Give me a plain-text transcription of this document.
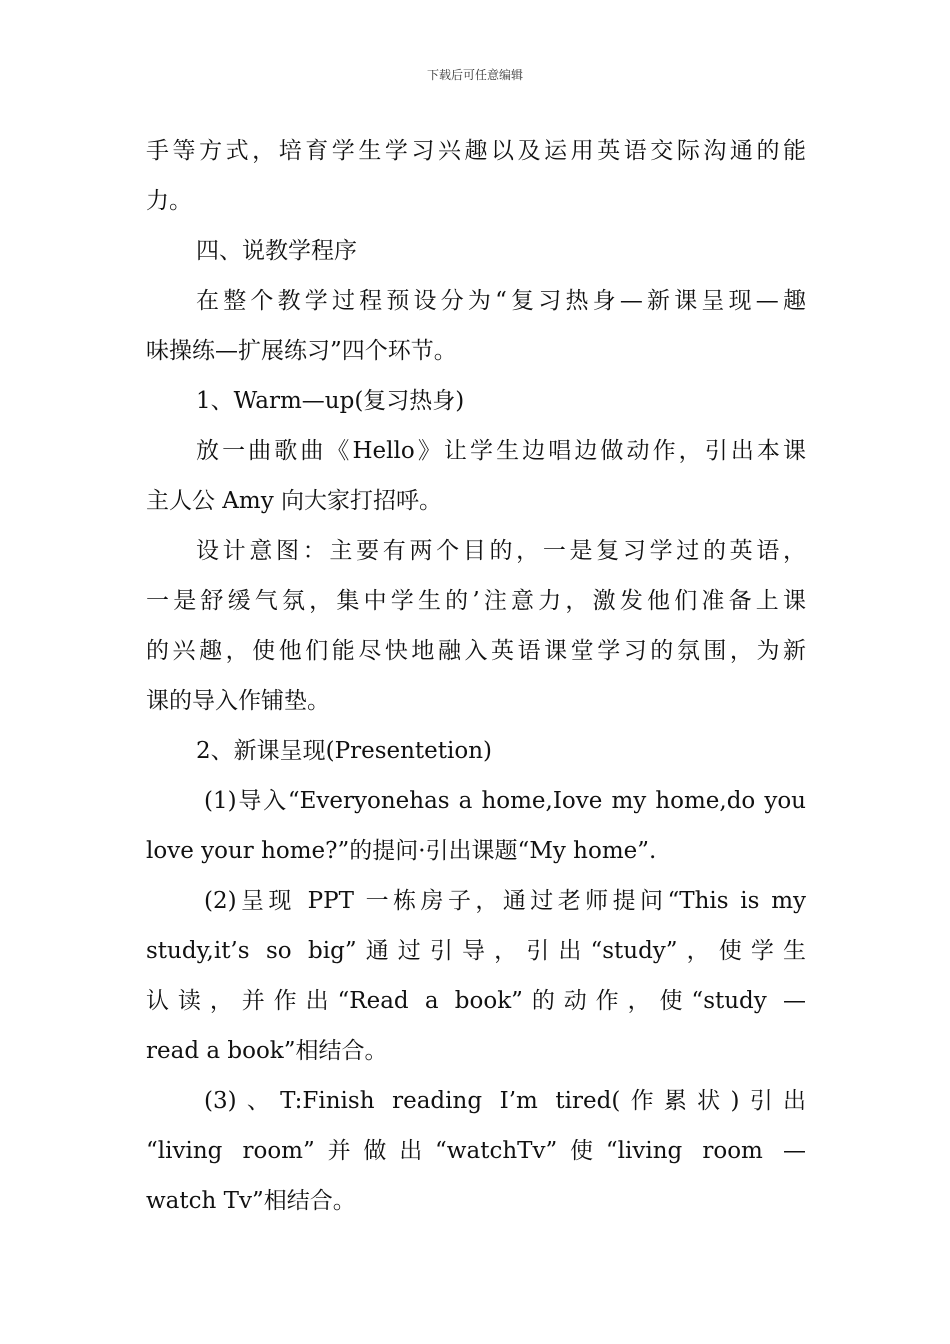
下载后可任意编辑
手等方式，培育学生学习兴趣以及运用英语交际沟通的能
力。
四、说教学程序
在整个教学过程预设分为“复习热身—新课呈现—趣
味操练—扩展练习”四个环节。
1、Warm—up(复习热身)
放一曲歌曲《Hello》让学生边唱边做动作，引出本课
主人公 Amy 向大家打招呼。
设计意图：主要有两个目的，一是复习学过的英语，
一是舒缓气氛，集中学生的’注意力，激发他们准备上课
的兴趣，使他们能尽快地融入英语课堂学习的氛围，为新
课的导入作铺垫。
2、新课呈现(Presentetion)
(1)导入“Everyonehas a home,Iove my home,do you
love your home?”的提问·引出课题“My home”.
(2)呈现 PPT 一栋房子，通过老师提问“This is my
study,it’s so big”通过引导，引出“study”，使学生
认读，并作出“Read a book”的动作，使“study —
read a book”相结合。
(3)、T:Finish reading I’m tired(作累状)引出
“living room”并做出“watchTv”使“living room —
watch Tv”相结合。
